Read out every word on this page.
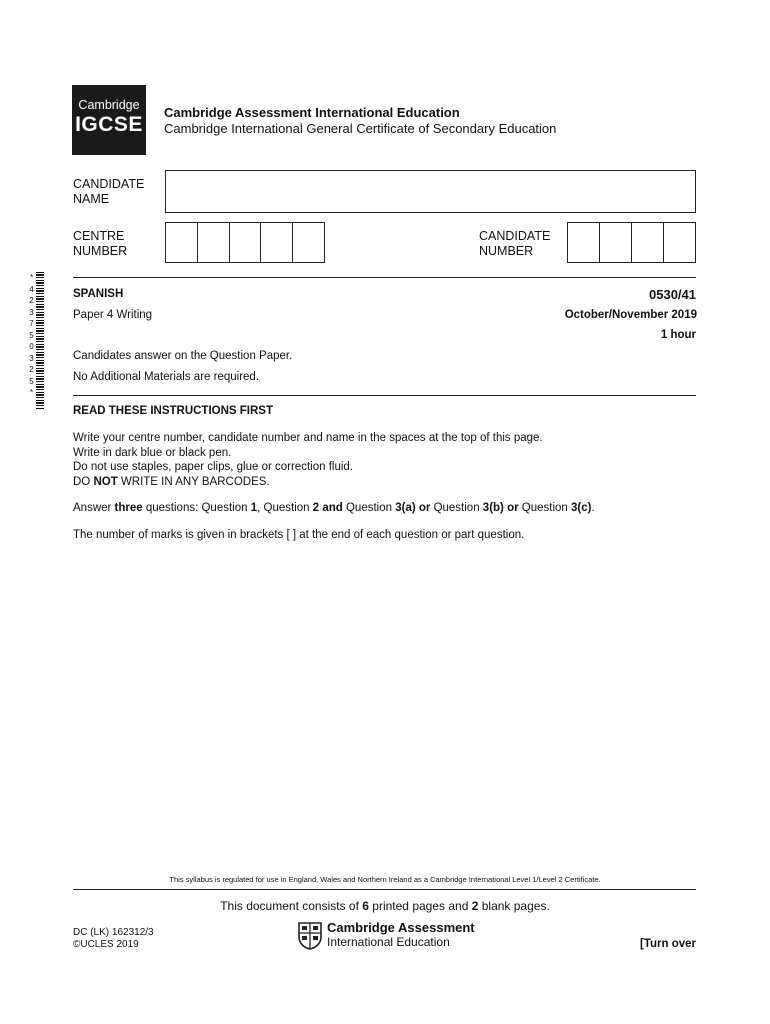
Cambridge
IGCSE
Cambridge Assessment International Education
Cambridge International General Certificate of Secondary Education
CANDIDATE
NAME
CENTRE
NUMBER
CANDIDATE
NUMBER
*
4
2
3
7
5
0
3
2
5
*
SPANISH	0530/41
Paper 4 Writing	October/November 2019
1 hour
Candidates answer on the Question Paper.
No Additional Materials are required.
READ THESE INSTRUCTIONS FIRST
Write your centre number, candidate number and name in the spaces at the top of this page.
Write in dark blue or black pen.
Do not use staples, paper clips, glue or correction fluid.
DO NOT WRITE IN ANY BARCODES.
Answer three questions: Question 1, Question 2 and Question 3(a) or Question 3(b) or Question 3(c).
The number of marks is given in brackets [ ] at the end of each question or part question.
This syllabus is regulated for use in England, Wales and Northern Ireland as a Cambridge International Level 1/Level 2 Certificate.
This document consists of 6 printed pages and 2 blank pages.
DC (LK) 162312/3
©UCLES 2019
Cambridge Assessment
International Education	[Turn over
